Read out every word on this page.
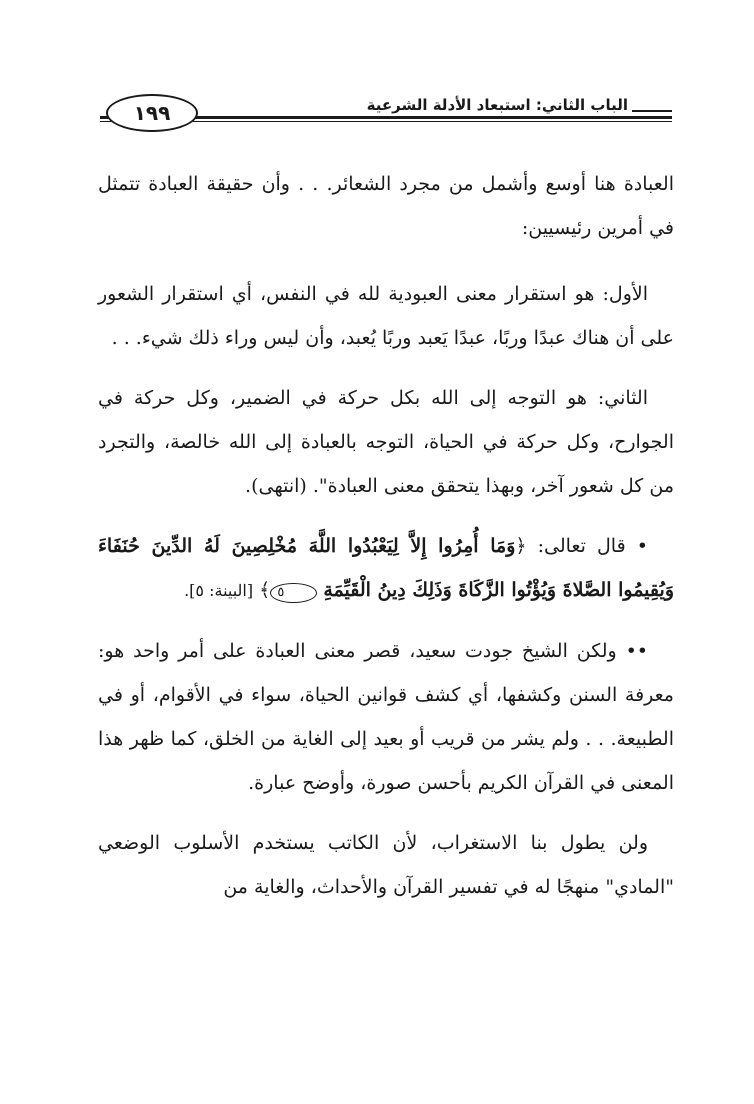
الباب الثاني: استبعاد الأدلة الشرعية
١٩٩

العبادة هنا أوسع وأشمل من مجرد الشعائر. . . وأن حقيقة العبادة تتمثل في أمرين رئيسيين:

الأول: هو استقرار معنى العبودية لله في النفس، أي استقرار الشعور على أن هناك عبدًا وربًا، عبدًا يَعبد وربًا يُعبد، وأن ليس وراء ذلك شيء. . .

الثاني: هو التوجه إلى الله بكل حركة في الضمير، وكل حركة في الجوارح، وكل حركة في الحياة، التوجه بالعبادة إلى الله خالصة، والتجرد من كل شعور آخر، وبهذا يتحقق معنى العبادة". (انتهى).

• قال تعالى: ﴿وَمَا أُمِرُوا إِلاَّ لِيَعْبُدُوا اللَّهَ مُخْلِصِينَ لَهُ الدِّينَ حُنَفَاءَ وَيُقِيمُوا الصَّلاةَ وَيُؤْتُوا الزَّكَاةَ وَذَلِكَ دِينُ الْقَيِّمَةِ ٥﴾ [البينة: ٥].

•• ولكن الشيخ جودت سعيد، قصر معنى العبادة على أمر واحد هو: معرفة السنن وكشفها، أي كشف قوانين الحياة، سواء في الأقوام، أو في الطبيعة. . . ولم يشر من قريب أو بعيد إلى الغاية من الخلق، كما ظهر هذا المعنى في القرآن الكريم بأحسن صورة، وأوضح عبارة.

ولن يطول بنا الاستغراب، لأن الكاتب يستخدم الأسلوب الوضعي "المادي" منهجًا له في تفسير القرآن والأحداث، والغاية من
